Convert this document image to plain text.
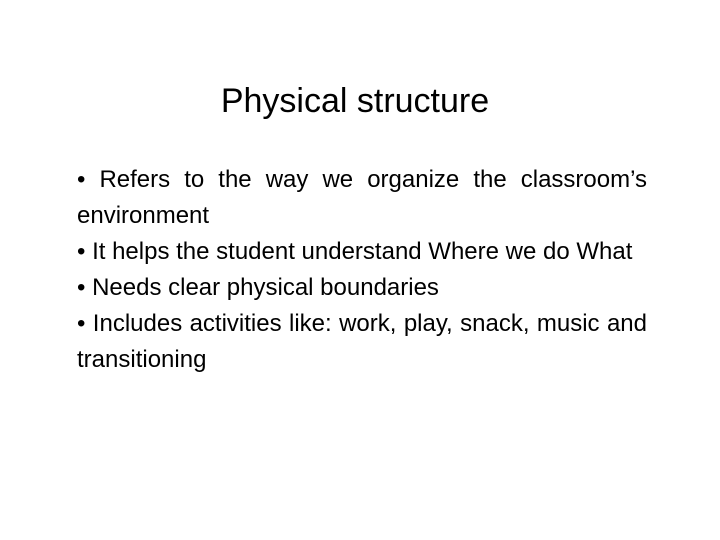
Physical structure
• Refers to the way we organize the classroom’s environment
• It helps the student understand Where we do What
• Needs clear physical boundaries
• Includes activities like: work, play, snack, music and transitioning
